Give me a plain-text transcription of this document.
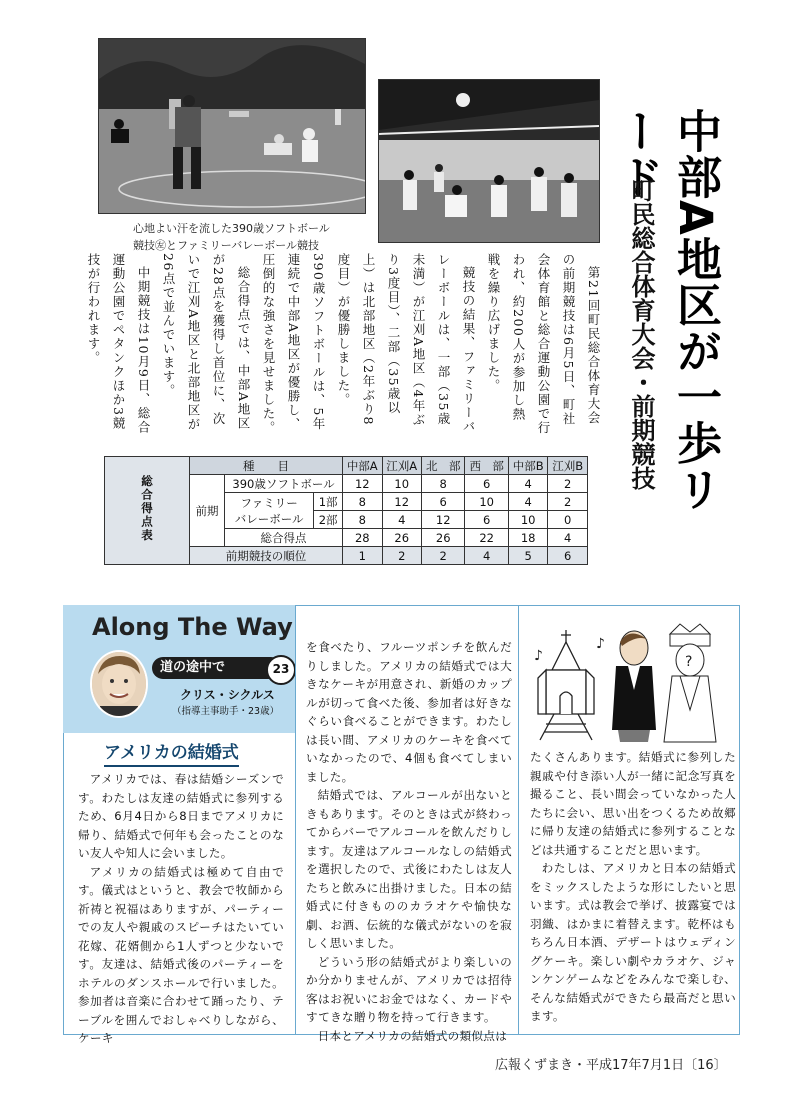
心地よい汗を流した390歳ソフトボール
競技㊧とファミリーバレーボール競技	中部A地区が一歩リード
町民総合体育大会・前期競技

第21回町民総合体育大会の前期競技は6月5日、町社会体育館と総合運動公園で行われ、約200人が参加し熱戦を繰り広げました。

競技の結果、ファミリーバレーボールは、一部（35歳未満）が江刈A地区（4年ぶり3度目）、二部（35歳以上）は北部地区（2年ぶり8度目）が優勝しました。390歳ソフトボールは、5年連続で中部A地区が優勝し、圧倒的な強さを見せました。

総合得点では、中部A地区が28点を獲得し首位に、次いで江刈A地区と北部地区が26点で並んでいます。

中期競技は10月9日、総合運動公園でペタンクほか3競技が行われます。

総合得点表	種　　目			中部A	江刈A	北　部	西　部	中部B	江刈B
	前期	390歳ソフトボール		12	10	8	6	4	2

		ファミリー
バレーボール	1部	8	12	6	10	4	2
			2部	8	4	12	6	10	0
		総合得点		28	26	26	22	18	4
	前期競技の順位			1	2	2	4	5	6
Along The Way
道の途中で	23
クリス・シクルス
（指導主事助手・23歳）
アメリカの結婚式

アメリカでは、春は結婚シーズンです。わたしは友達の結婚式に参列するため、6月4日から8日までアメリカに帰り、結婚式で何年も会ったことのない友人や知人に会いました。

アメリカの結婚式は極めて自由です。儀式はというと、教会で牧師から祈祷と祝福はありますが、パーティーでの友人や親戚のスピーチはたいてい花嫁、花婿側から1人ずつと少ないです。友達は、結婚式後のパーティーをホテルのダンスホールで行いました。参加者は音楽に合わせて踊ったり、テーブルを囲んでおしゃべりしながら、ケーキ

を食べたり、フルーツポンチを飲んだりしました。アメリカの結婚式では大きなケーキが用意され、新婚のカップルが切って食べた後、参加者は好きなぐらい食べることができます。わたしは長い間、アメリカのケーキを食べていなかったので、4個も食べてしまいました。

結婚式では、アルコールが出ないときもあります。そのときは式が終わってからバーでアルコールを飲んだりします。友達はアルコールなしの結婚式を選択したので、式後にわたしは友人たちと飲みに出掛けました。日本の結婚式に付きもののカラオケや愉快な劇、お酒、伝統的な儀式がないのを寂しく思いました。

どういう形の結婚式がより楽しいのか分かりませんが、アメリカでは招待客はお祝いにお金ではなく、カードやすてきな贈り物を持って行きます。

日本とアメリカの結婚式の類似点は

♪
♪
?

たくさんあります。結婚式に参列した親戚や付き添い人が一緒に記念写真を撮ること、長い間会っていなかった人たちに会い、思い出をつくるため故郷に帰り友達の結婚式に参列することなどは共通することだと思います。

わたしは、アメリカと日本の結婚式をミックスしたような形にしたいと思います。式は教会で挙げ、披露宴では羽織、はかまに着替えます。乾杯はもちろん日本酒、デザートはウェディングケーキ。楽しい劇やカラオケ、ジャンケンゲームなどをみんなで楽しむ、そんな結婚式ができたら最高だと思います。

広報くずまき・平成17年7月1日〔16〕
